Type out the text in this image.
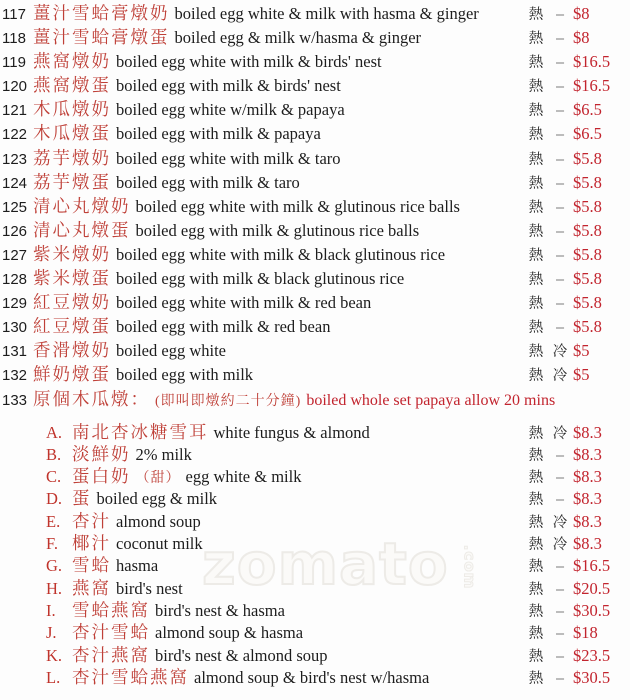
zomato .com
117 薑汁雪蛤膏燉奶 boiled egg white & milk with hasma & ginger	熱 – $8
118 薑汁雪蛤膏燉蛋 boiled egg & milk w/hasma & ginger	熱 – $8
119 燕窩燉奶 boiled egg white with milk & birds' nest	熱 – $16.5
120 燕窩燉蛋 boiled egg with milk & birds' nest	熱 – $16.5
121 木瓜燉奶 boiled egg white w/milk & papaya	熱 – $6.5
122 木瓜燉蛋 boiled egg with milk & papaya	熱 – $6.5
123 荔芋燉奶 boiled egg white with milk & taro	熱 – $5.8
124 荔芋燉蛋 boiled egg with milk & taro	熱 – $5.8
125 清心丸燉奶 boiled egg white with milk & glutinous rice balls	熱 – $5.8
126 清心丸燉蛋 boiled egg with milk & glutinous rice balls	熱 – $5.8
127 紫米燉奶 boiled egg white with milk & black glutinous rice	熱 – $5.8
128 紫米燉蛋 boiled egg with milk & black glutinous rice	熱 – $5.8
129 紅豆燉奶 boiled egg white with milk & red bean	熱 – $5.8
130 紅豆燉蛋 boiled egg with milk & red bean	熱 – $5.8
131 香滑燉奶 boiled egg white	熱 冷 $5
132 鮮奶燉蛋 boiled egg with milk	熱 冷 $5
133 原個木瓜燉： (即叫即燉約二十分鐘) boiled whole set papaya allow 20 mins
A. 南北杏冰糖雪耳 white fungus & almond	熱 冷 $8.3
B. 淡鮮奶 2% milk	熱 – $8.3
C. 蛋白奶 （甜） egg white & milk	熱 – $8.3
D. 蛋 boiled egg & milk	熱 – $8.3
E. 杏汁 almond soup	熱 冷 $8.3
F. 椰汁 coconut milk	熱 冷 $8.3
G. 雪蛤 hasma	熱 – $16.5
H. 燕窩 bird's nest	熱 – $20.5
I. 雪蛤燕窩 bird's nest & hasma	熱 – $30.5
J. 杏汁雪蛤 almond soup & hasma	熱 – $18
K. 杏汁燕窩 bird's nest & almond soup	熱 – $23.5
L. 杏汁雪蛤燕窩 almond soup & bird's nest w/hasma	熱 – $30.5
